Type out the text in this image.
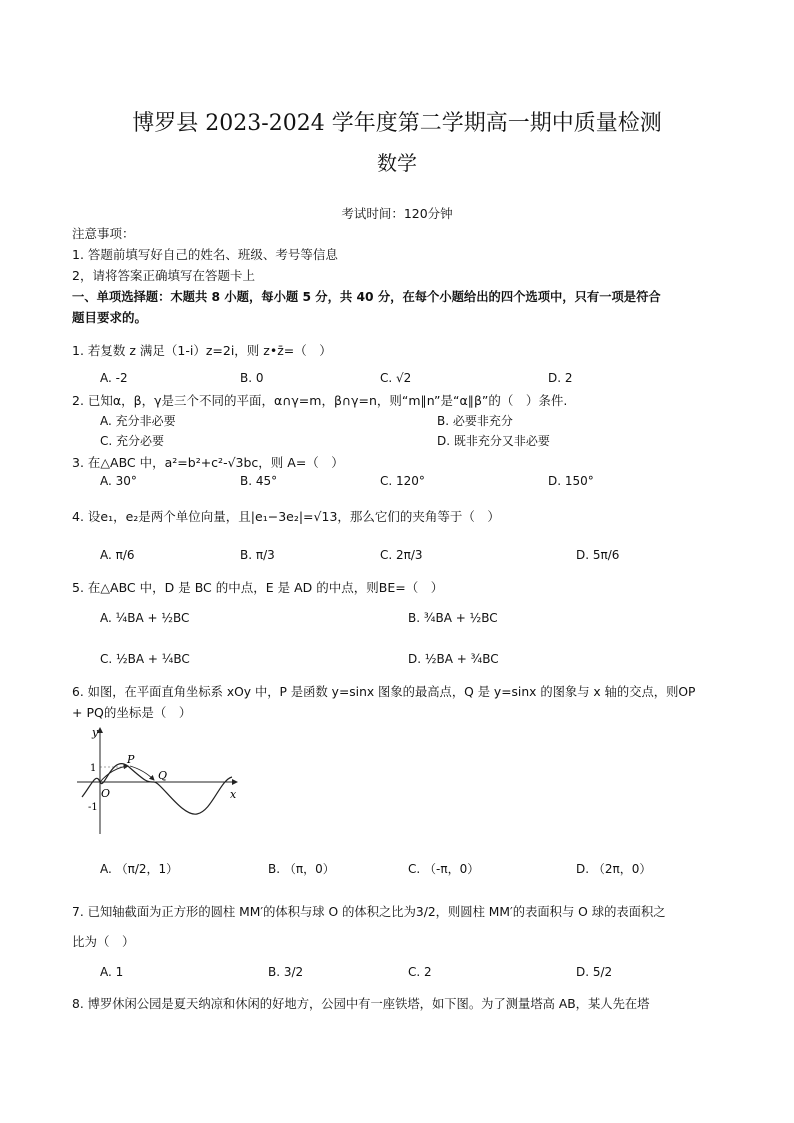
博罗县 2023-2024 学年度第二学期高一期中质量检测
数学
考试时间：120分钟
注意事项：
1. 答题前填写好自己的姓名、班级、考号等信息
2，请将答案正确填写在答题卡上
一、单项选择题：木题共 8 小题，每小题 5 分，共 40 分，在每个小题给出的四个选项中，只有一项是符合
题目要求的。
1. 若复数 z 满足（1-i）z=2i，则 z•z̄=（　）
A. -2	B. 0	C. √2	D. 2
2. 已知α，β，γ是三个不同的平面，α∩γ=m，β∩γ=n，则“m∥n”是“α∥β”的（　）条件.
A. 充分非必要	B. 必要非充分
C. 充分必要	D. 既非充分又非必要
3. 在△ABC 中，a²=b²+c²-√3bc，则 A=（　）
A. 30°	B. 45°	C. 120°	D. 150°
4. 设e₁，e₂是两个单位向量，且|e₁−3e₂|=√13，那么它们的夹角等于（　）
A. π/6	B. π/3	C. 2π/3	D. 5π/6
5. 在△ABC 中，D 是 BC 的中点，E 是 AD 的中点，则BE=（　）
A. ¼BA + ½BC	B. ¾BA + ½BC
C. ½BA + ¼BC	D. ½BA + ¾BC
6. 如图，在平面直角坐标系 xOy 中，P 是函数 y=sinx 图象的最高点，Q 是 y=sinx 的图象与 x 轴的交点，则OP
+ PQ的坐标是（　）
y
x
O
P
Q
1
-1
A. （π/2，1）	B. （π，0）	C. （-π，0）	D. （2π，0）
7. 已知轴截面为正方形的圆柱 MM′的体积与球 O 的体积之比为3/2，则圆柱 MM′的表面积与 O 球的表面积之
比为（　）
A. 1	B. 3/2	C. 2	D. 5/2
8. 博罗休闲公园是夏天纳凉和休闲的好地方，公园中有一座铁塔，如下图。为了测量塔高 AB，某人先在塔
